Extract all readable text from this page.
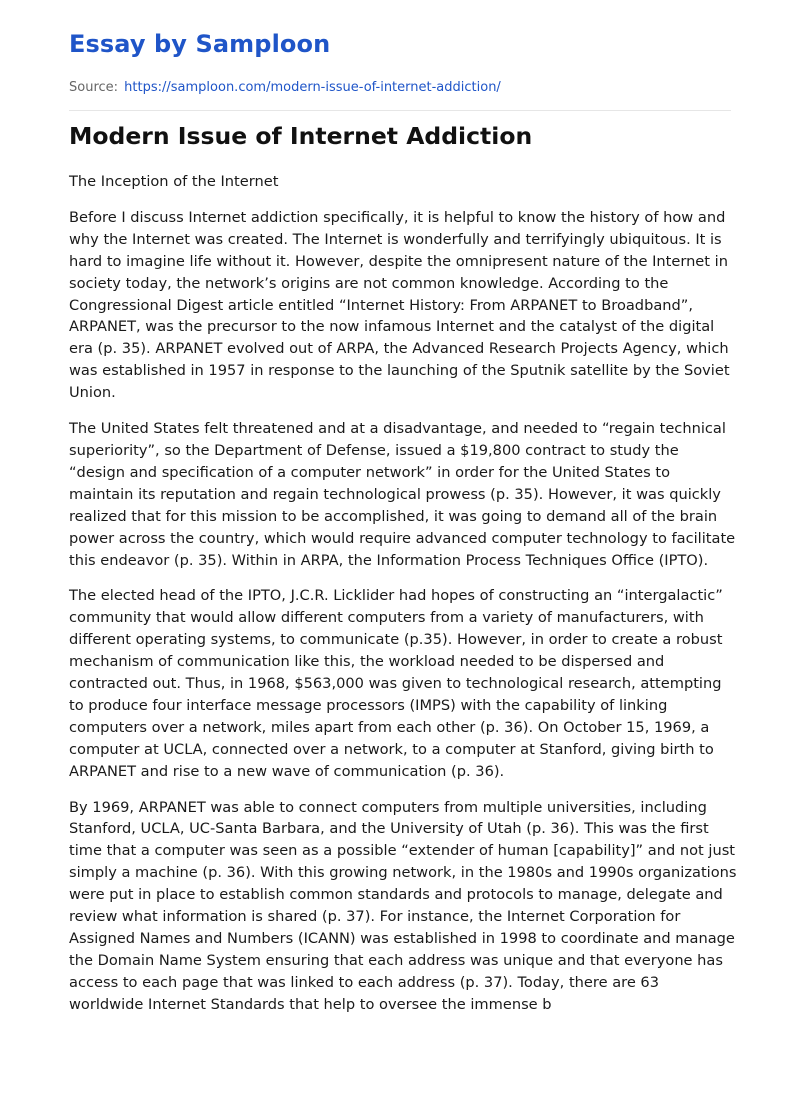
Essay by Samploon
Source: https://samploon.com/modern-issue-of-internet-addiction/
Modern Issue of Internet Addiction
The Inception of the Internet

Before I discuss Internet addiction specifically, it is helpful to know the history of how and why the Internet was created. The Internet is wonderfully and terrifyingly ubiquitous. It is hard to imagine life without it. However, despite the omnipresent nature of the Internet in society today, the network’s origins are not common knowledge. According to the Congressional Digest article entitled “Internet History: From ARPANET to Broadband”, ARPANET, was the precursor to the now infamous Internet and the catalyst of the digital era (p. 35). ARPANET evolved out of ARPA, the Advanced Research Projects Agency, which was established in 1957 in response to the launching of the Sputnik satellite by the Soviet Union.

The United States felt threatened and at a disadvantage, and needed to “regain technical superiority”, so the Department of Defense, issued a $19,800 contract to study the “design and specification of a computer network” in order for the United States to maintain its reputation and regain technological prowess (p. 35). However, it was quickly realized that for this mission to be accomplished, it was going to demand all of the brain power across the country, which would require advanced computer technology to facilitate this endeavor (p. 35). Within in ARPA, the Information Process Techniques Office (IPTO).

The elected head of the IPTO, J.C.R. Licklider had hopes of constructing an “intergalactic” community that would allow different computers from a variety of manufacturers, with different operating systems, to communicate (p.35). However, in order to create a robust mechanism of communication like this, the workload needed to be dispersed and contracted out. Thus, in 1968, $563,000 was given to technological research, attempting to produce four interface message processors (IMPS) with the capability of linking computers over a network, miles apart from each other (p. 36). On October 15, 1969, a computer at UCLA, connected over a network, to a computer at Stanford, giving birth to ARPANET and rise to a new wave of communication (p. 36).

By 1969, ARPANET was able to connect computers from multiple universities, including Stanford, UCLA, UC-Santa Barbara, and the University of Utah (p. 36). This was the first time that a computer was seen as a possible “extender of human [capability]” and not just simply a machine (p. 36). With this growing network, in the 1980s and 1990s organizations were put in place to establish common standards and protocols to manage, delegate and review what information is shared (p. 37). For instance, the Internet Corporation for Assigned Names and Numbers (ICANN) was established in 1998 to coordinate and manage the Domain Name System ensuring that each address was unique and that everyone has access to each page that was linked to each address (p. 37). Today, there are 63 worldwide Internet Standards that help to oversee the immense b
